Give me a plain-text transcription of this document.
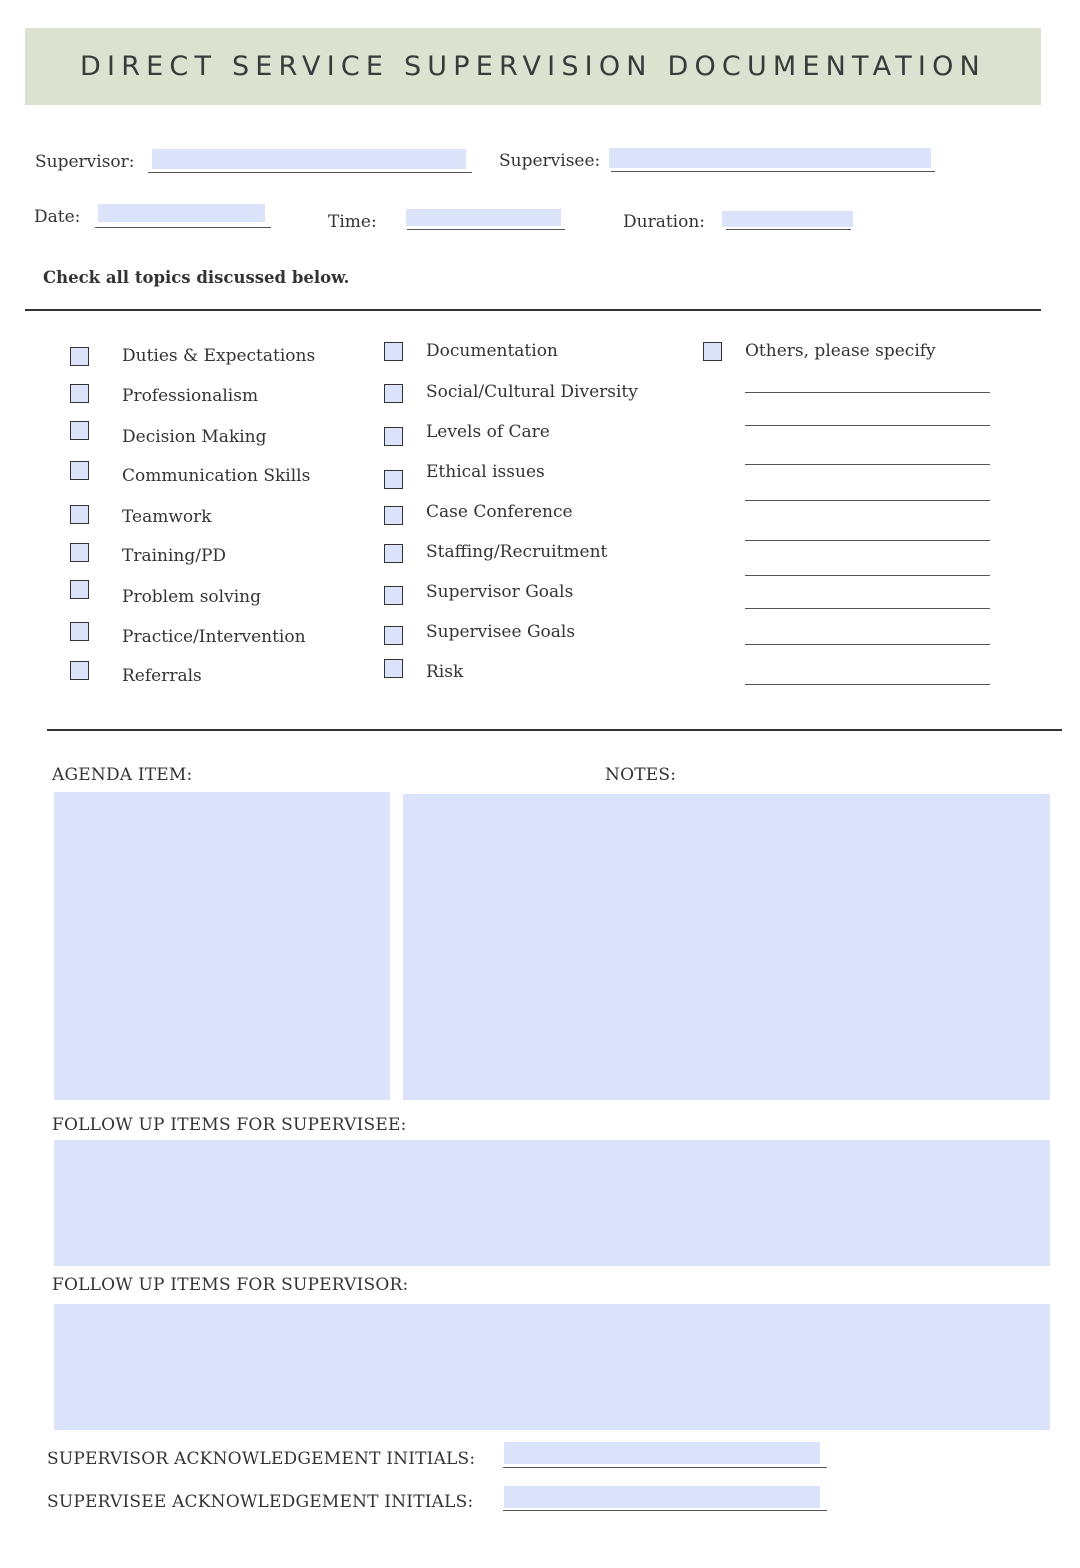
DIRECT SERVICE SUPERVISION DOCUMENTATION
Supervisor:	Supervisee:
Date:	Time:	Duration:
Check all topics discussed below.
Duties & Expectations
Professionalism
Decision Making
Communication Skills
Teamwork
Training/PD
Problem solving
Practice/Intervention
Referrals
Documentation
Social/Cultural Diversity
Levels of Care
Ethical issues
Case Conference
Staffing/Recruitment
Supervisor Goals
Supervisee Goals
Risk
Others, please specify
AGENDA ITEM:	NOTES:
FOLLOW UP ITEMS FOR SUPERVISEE:
FOLLOW UP ITEMS FOR SUPERVISOR:
SUPERVISOR ACKNOWLEDGEMENT INITIALS:
SUPERVISEE ACKNOWLEDGEMENT INITIALS:
